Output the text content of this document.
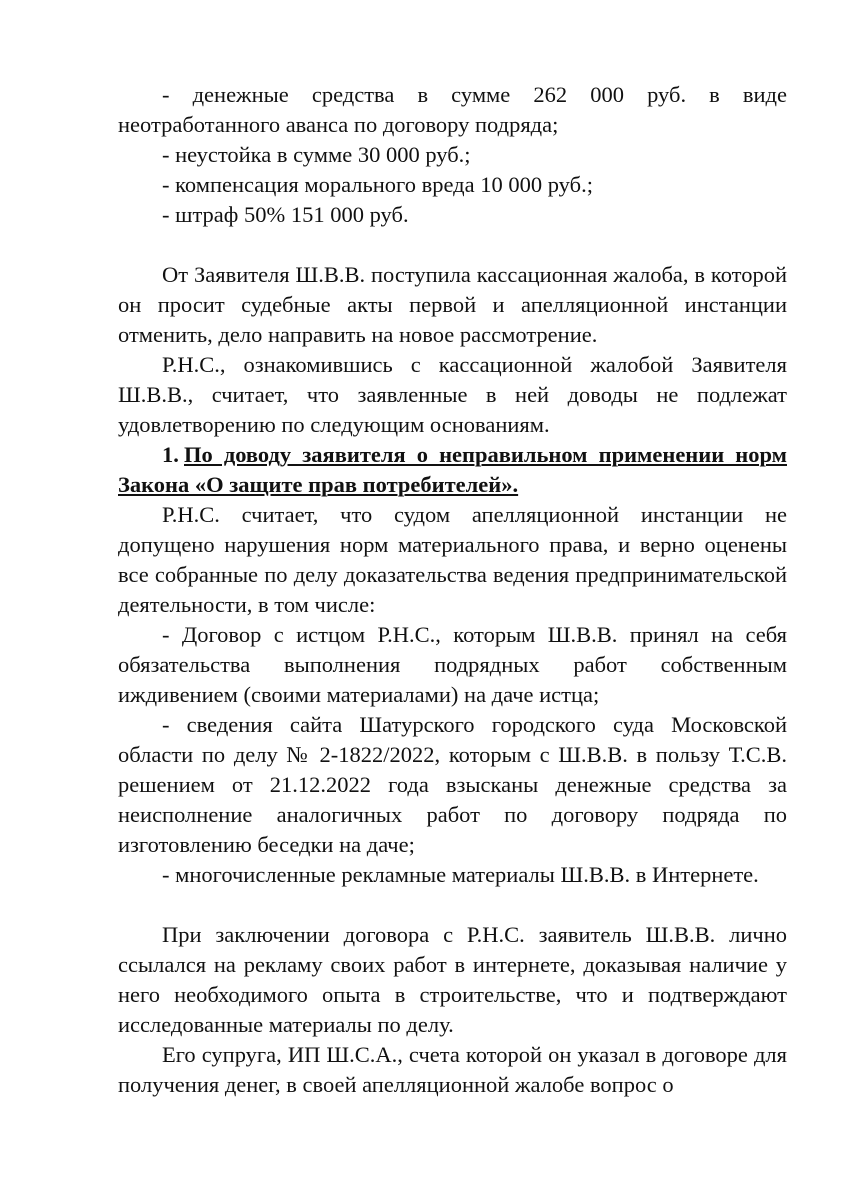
- денежные средства в сумме 262 000 руб. в виде неотработанного аванса по договору подряда;

- неустойка в сумме 30 000 руб.;

- компенсация морального вреда 10 000 руб.;

- штраф 50% 151 000 руб.

От Заявителя Ш.В.В. поступила кассационная жалоба, в которой он просит судебные акты первой и апелляционной инстанции отменить, дело направить на новое рассмотрение.

Р.Н.С., ознакомившись с кассационной жалобой Заявителя Ш.В.В., считает, что заявленные в ней доводы не подлежат удовлетворению по следующим основаниям.

1. По доводу заявителя о неправильном применении норм Закона «О защите прав потребителей».

Р.Н.С. считает, что судом апелляционной инстанции не допущено нарушения норм материального права, и верно оценены все собранные по делу доказательства ведения предпринимательской деятельности, в том числе:

- Договор с истцом Р.Н.С., которым Ш.В.В. принял на себя обязательства выполнения подрядных работ собственным иждивением (своими материалами) на даче истца;

- сведения сайта Шатурского городского суда Московской области по делу № 2-1822/2022, которым с Ш.В.В. в пользу Т.С.В. решением от 21.12.2022 года взысканы денежные средства за неисполнение аналогичных работ по договору подряда по изготовлению беседки на даче;

- многочисленные рекламные материалы Ш.В.В. в Интернете.

При заключении договора с Р.Н.С. заявитель Ш.В.В. лично ссылался на рекламу своих работ в интернете, доказывая наличие у него необходимого опыта в строительстве, что и подтверждают исследованные материалы по делу.

Его супруга, ИП Ш.С.А., счета которой он указал в договоре для получения денег, в своей апелляционной жалобе вопрос о
